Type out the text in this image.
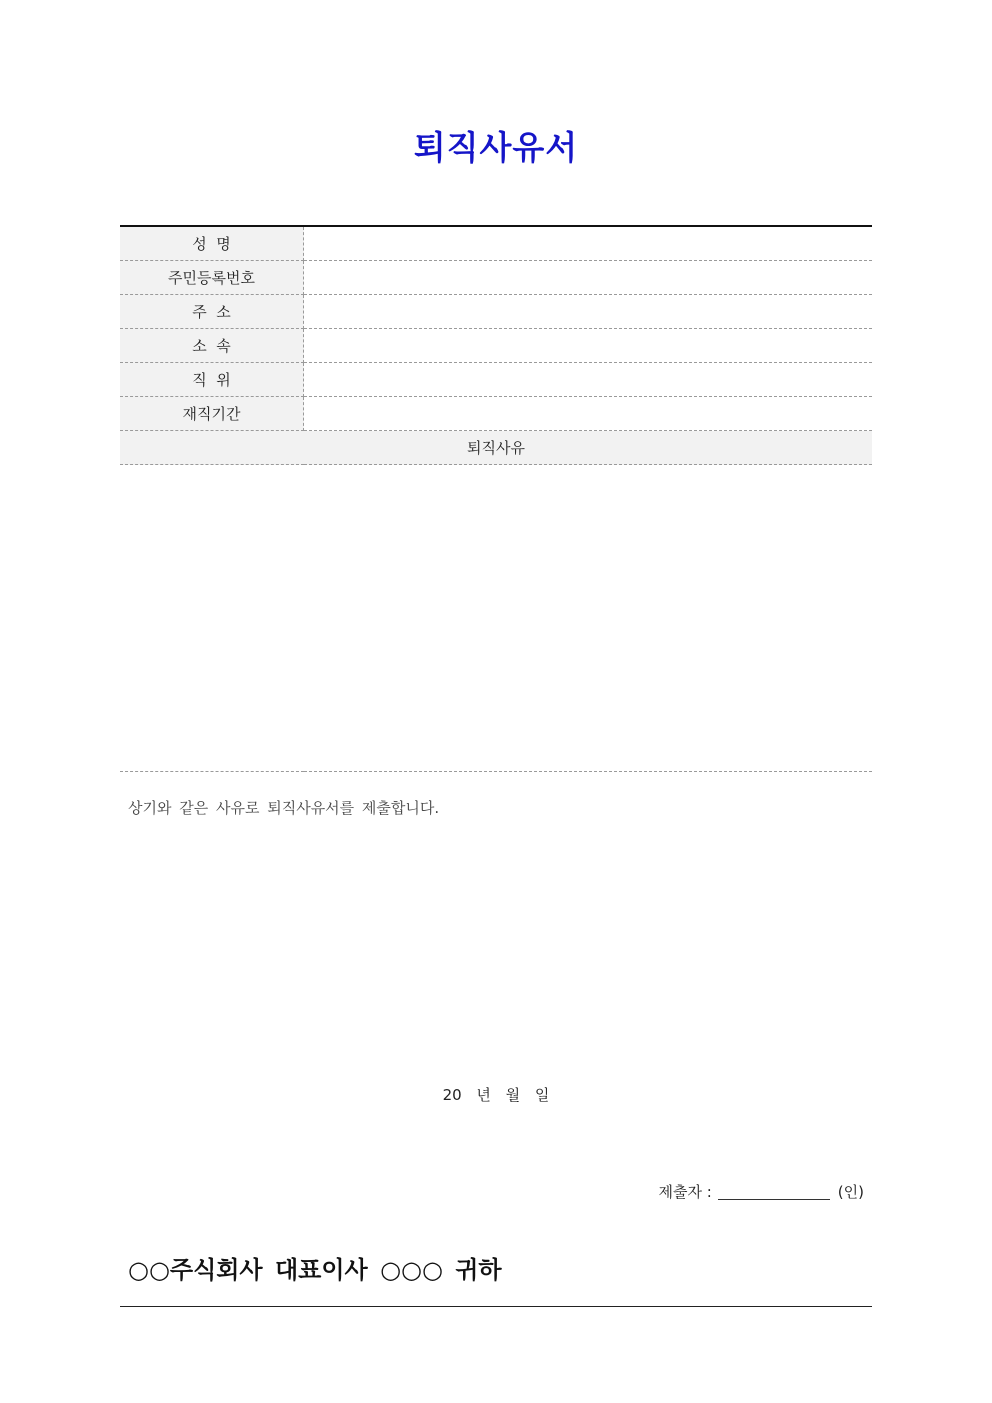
퇴직사유서
성  명	
주민등록번호	
주  소	
소  속	
직  위	
재직기간	
퇴직사유	

상기와 같은 사유로 퇴직사유서를 제출합니다.
20 년 월 일
제출자 :	(인)
○○주식회사 대표이사 ○○○ 귀하
